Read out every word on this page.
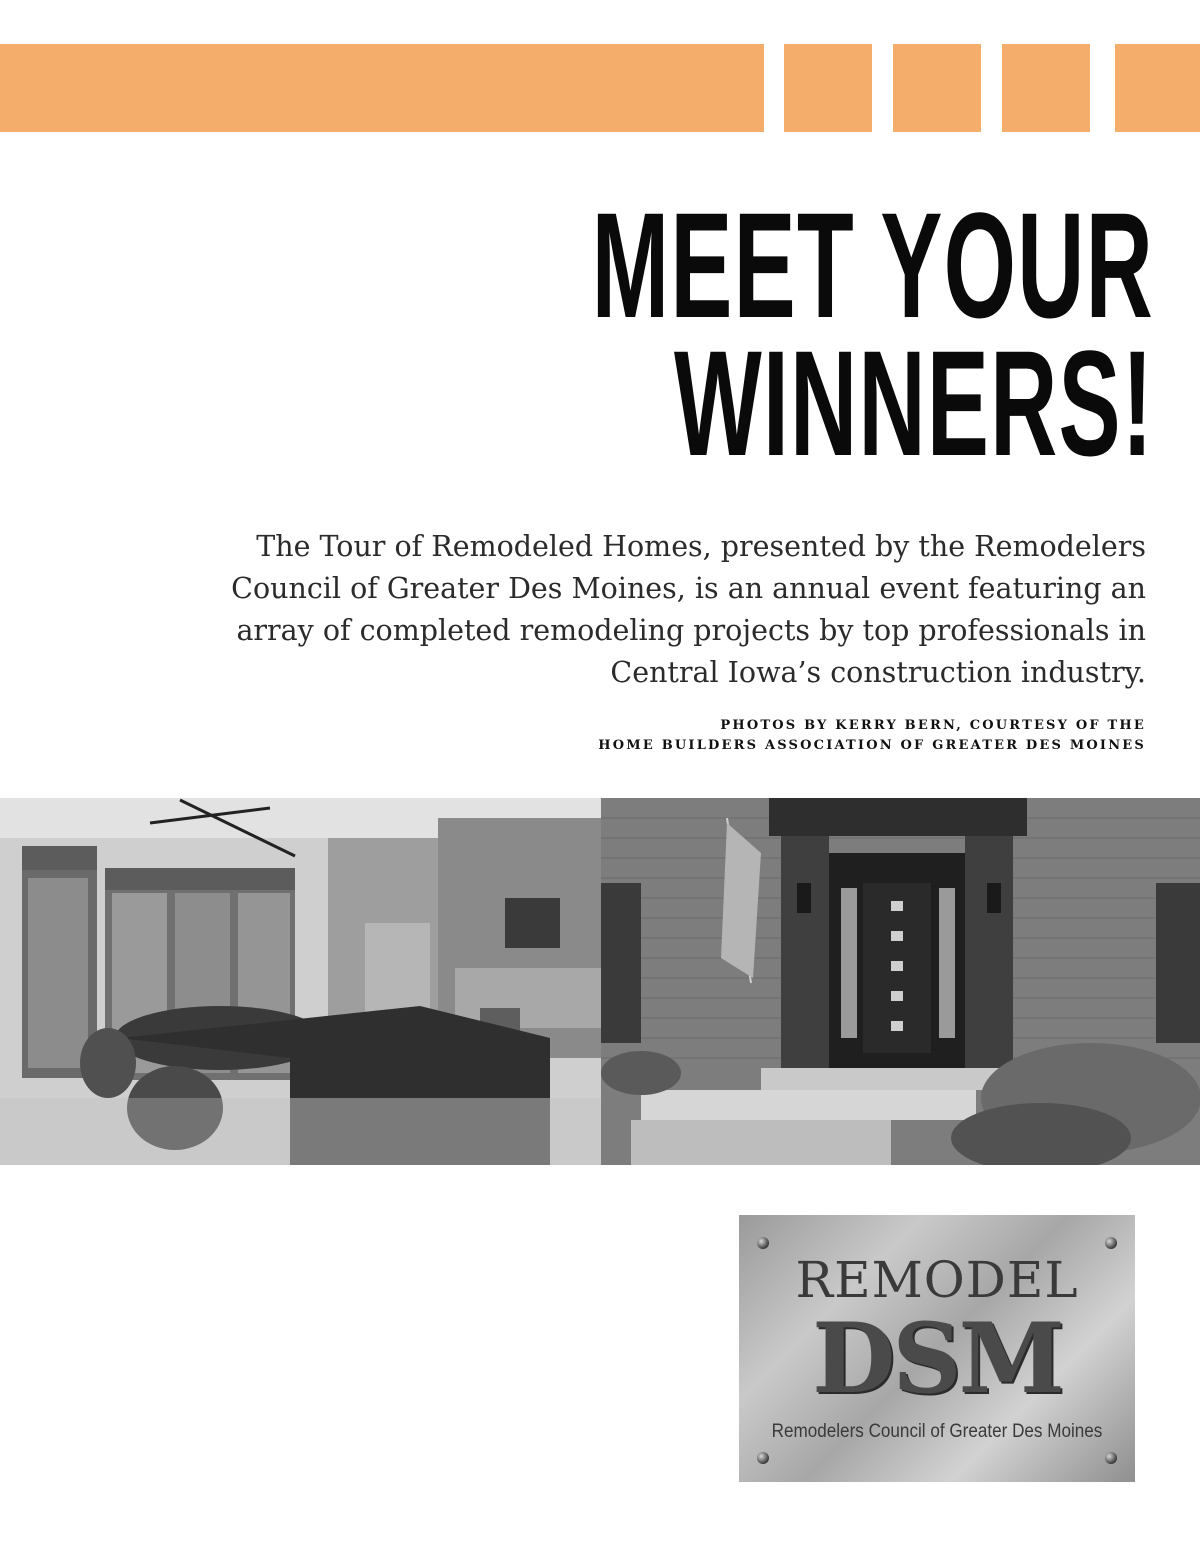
MEET YOUR
WINNERS!

The Tour of Remodeled Homes, presented by the Remodelers
Council of Greater Des Moines, is an annual event featuring an
array of completed remodeling projects by top professionals in
Central Iowa’s construction industry.

PHOTOS BY KERRY BERN, COURTESY OF THE
HOME BUILDERS ASSOCIATION OF GREATER DES MOINES

REMODEL
DSM
Remodelers Council of Greater Des Moines
